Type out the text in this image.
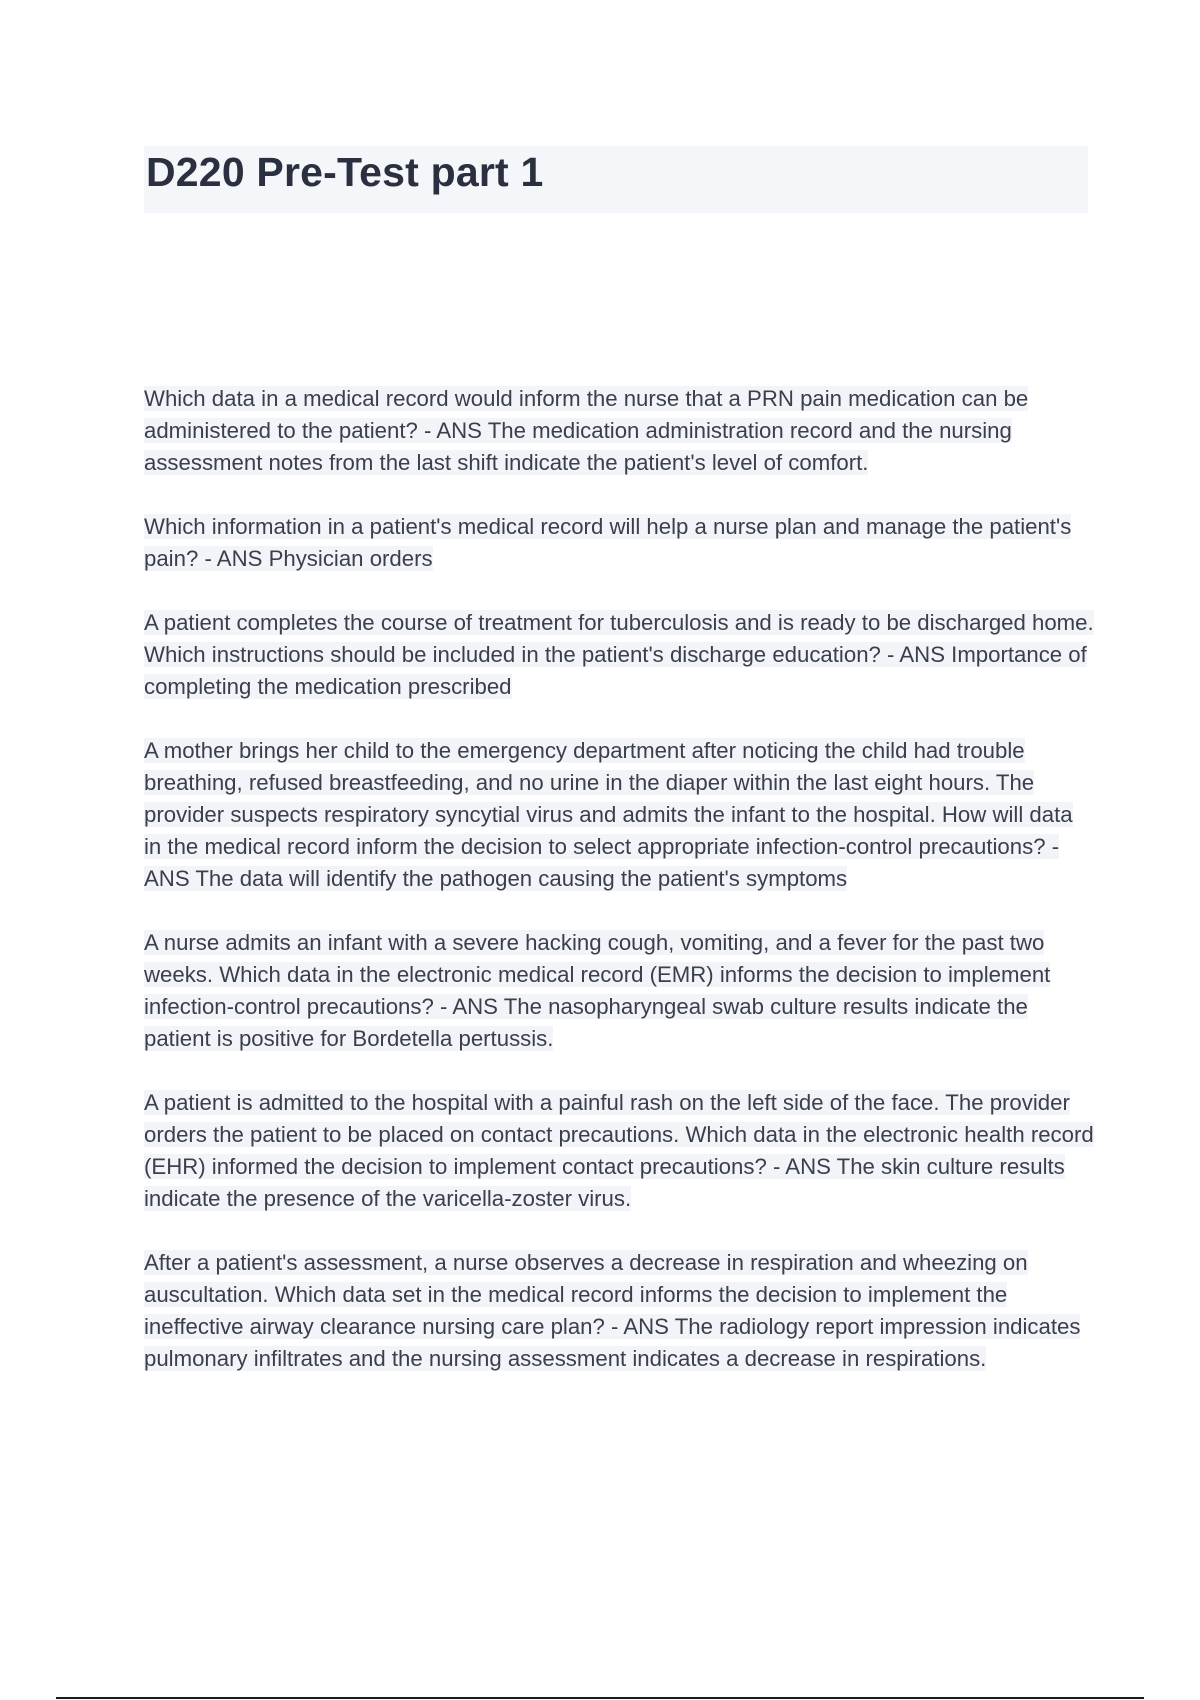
D220 Pre-Test part 1

Which data in a medical record would inform the nurse that a PRN pain medication can be administered to the patient? - ANS The medication administration record and the nursing assessment notes from the last shift indicate the patient's level of comfort.

Which information in a patient's medical record will help a nurse plan and manage the patient's pain? - ANS Physician orders

A patient completes the course of treatment for tuberculosis and is ready to be discharged home. Which instructions should be included in the patient's discharge education? - ANS Importance of completing the medication prescribed

A mother brings her child to the emergency department after noticing the child had trouble breathing, refused breastfeeding, and no urine in the diaper within the last eight hours. The provider suspects respiratory syncytial virus and admits the infant to the hospital. How will data in the medical record inform the decision to select appropriate infection-control precautions? - ANS The data will identify the pathogen causing the patient's symptoms

A nurse admits an infant with a severe hacking cough, vomiting, and a fever for the past two weeks. Which data in the electronic medical record (EMR) informs the decision to implement infection-control precautions? - ANS The nasopharyngeal swab culture results indicate the patient is positive for Bordetella pertussis.

A patient is admitted to the hospital with a painful rash on the left side of the face. The provider orders the patient to be placed on contact precautions. Which data in the electronic health record (EHR) informed the decision to implement contact precautions? - ANS The skin culture results indicate the presence of the varicella-zoster virus.

After a patient's assessment, a nurse observes a decrease in respiration and wheezing on auscultation. Which data set in the medical record informs the decision to implement the ineffective airway clearance nursing care plan? - ANS The radiology report impression indicates pulmonary infiltrates and the nursing assessment indicates a decrease in respirations.
